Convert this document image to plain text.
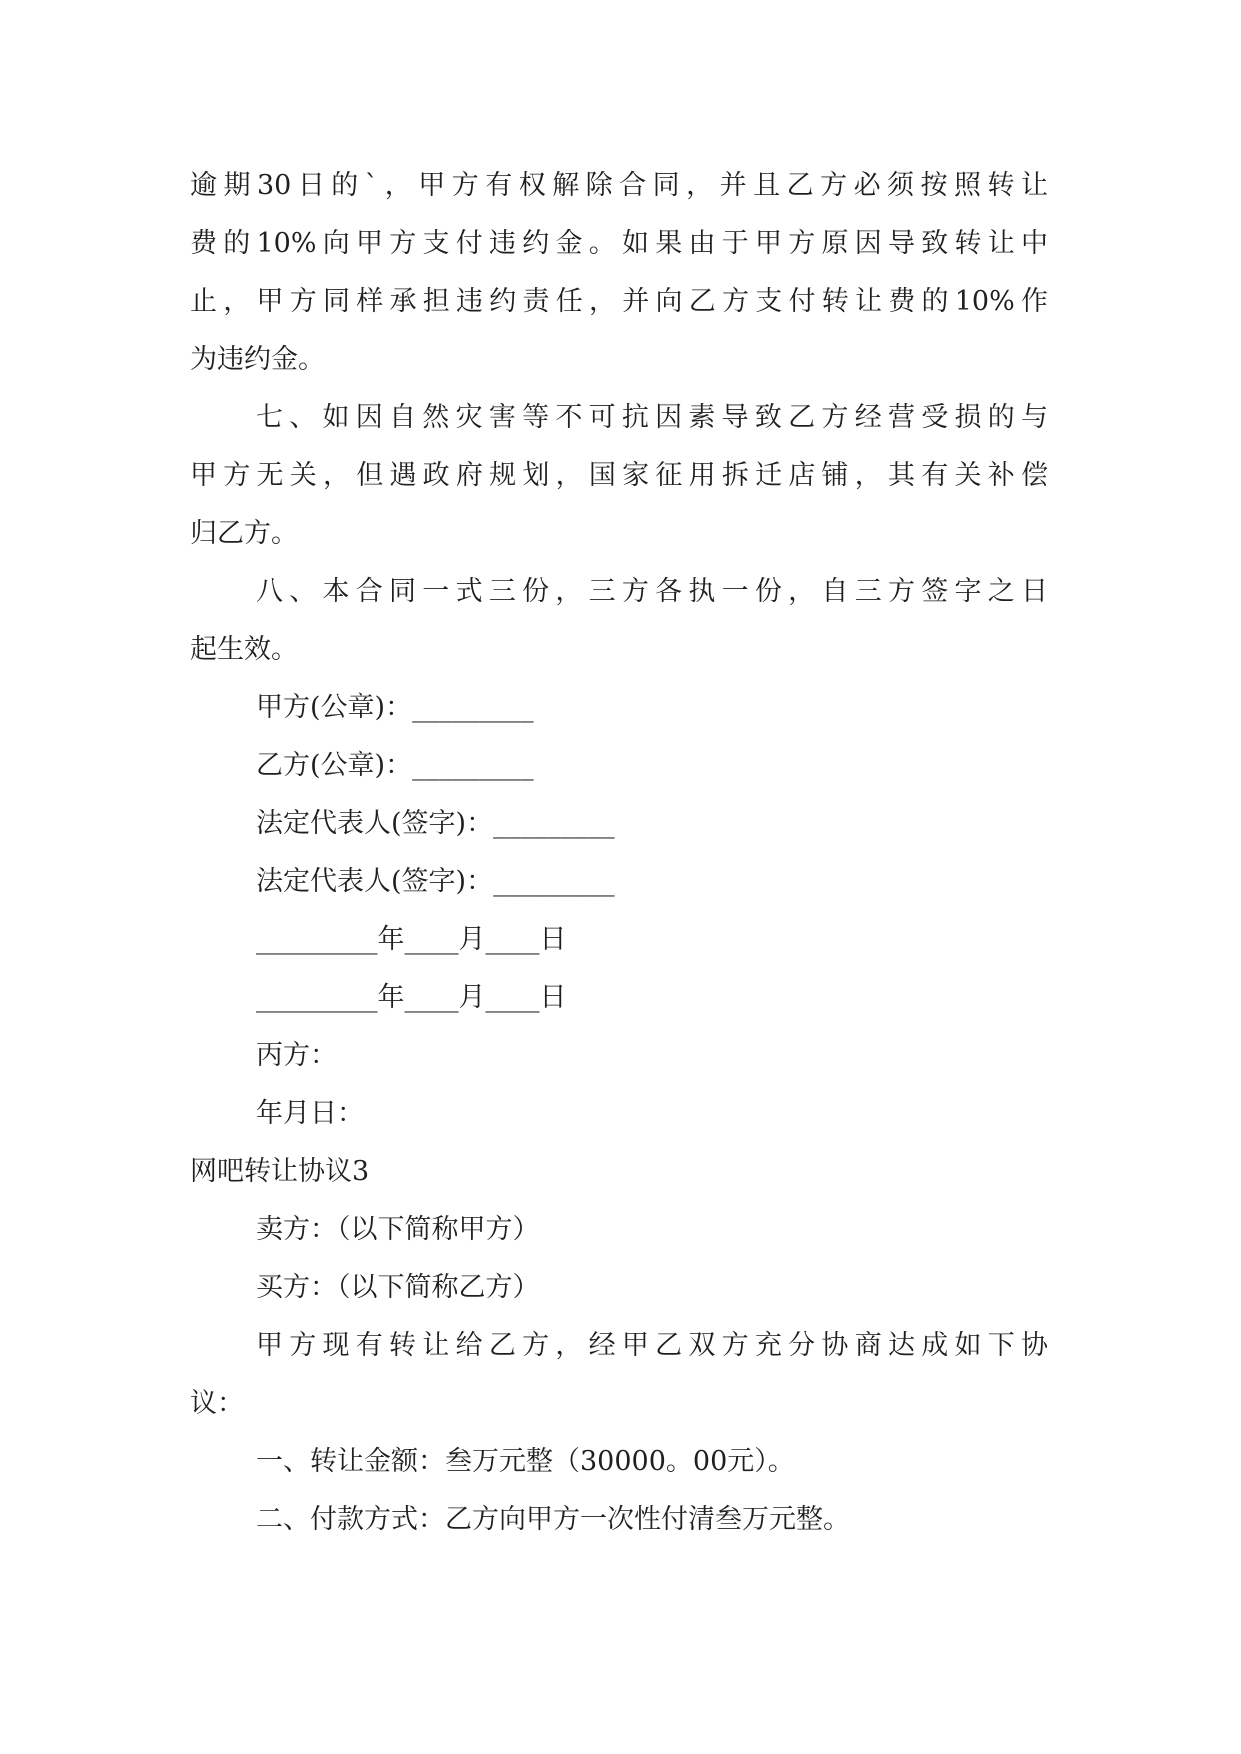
逾期30日的`，甲方有权解除合同，并且乙方必须按照转让
费的10%向甲方支付违约金。如果由于甲方原因导致转让中
止，甲方同样承担违约责任，并向乙方支付转让费的10%作
为违约金。
七、如因自然灾害等不可抗因素导致乙方经营受损的与
甲方无关，但遇政府规划，国家征用拆迁店铺，其有关补偿
归乙方。
八、本合同一式三份，三方各执一份，自三方签字之日
起生效。
甲方(公章)：_________
乙方(公章)：_________
法定代表人(签字)：_________
法定代表人(签字)：_________
_________年____月____日
_________年____月____日
丙方：
年月日：
网吧转让协议3
卖方：（以下简称甲方）
买方：（以下简称乙方）
甲方现有转让给乙方，经甲乙双方充分协商达成如下协
议：
一、转让金额：叁万元整（30000。00元）。
二、付款方式：乙方向甲方一次性付清叁万元整。
